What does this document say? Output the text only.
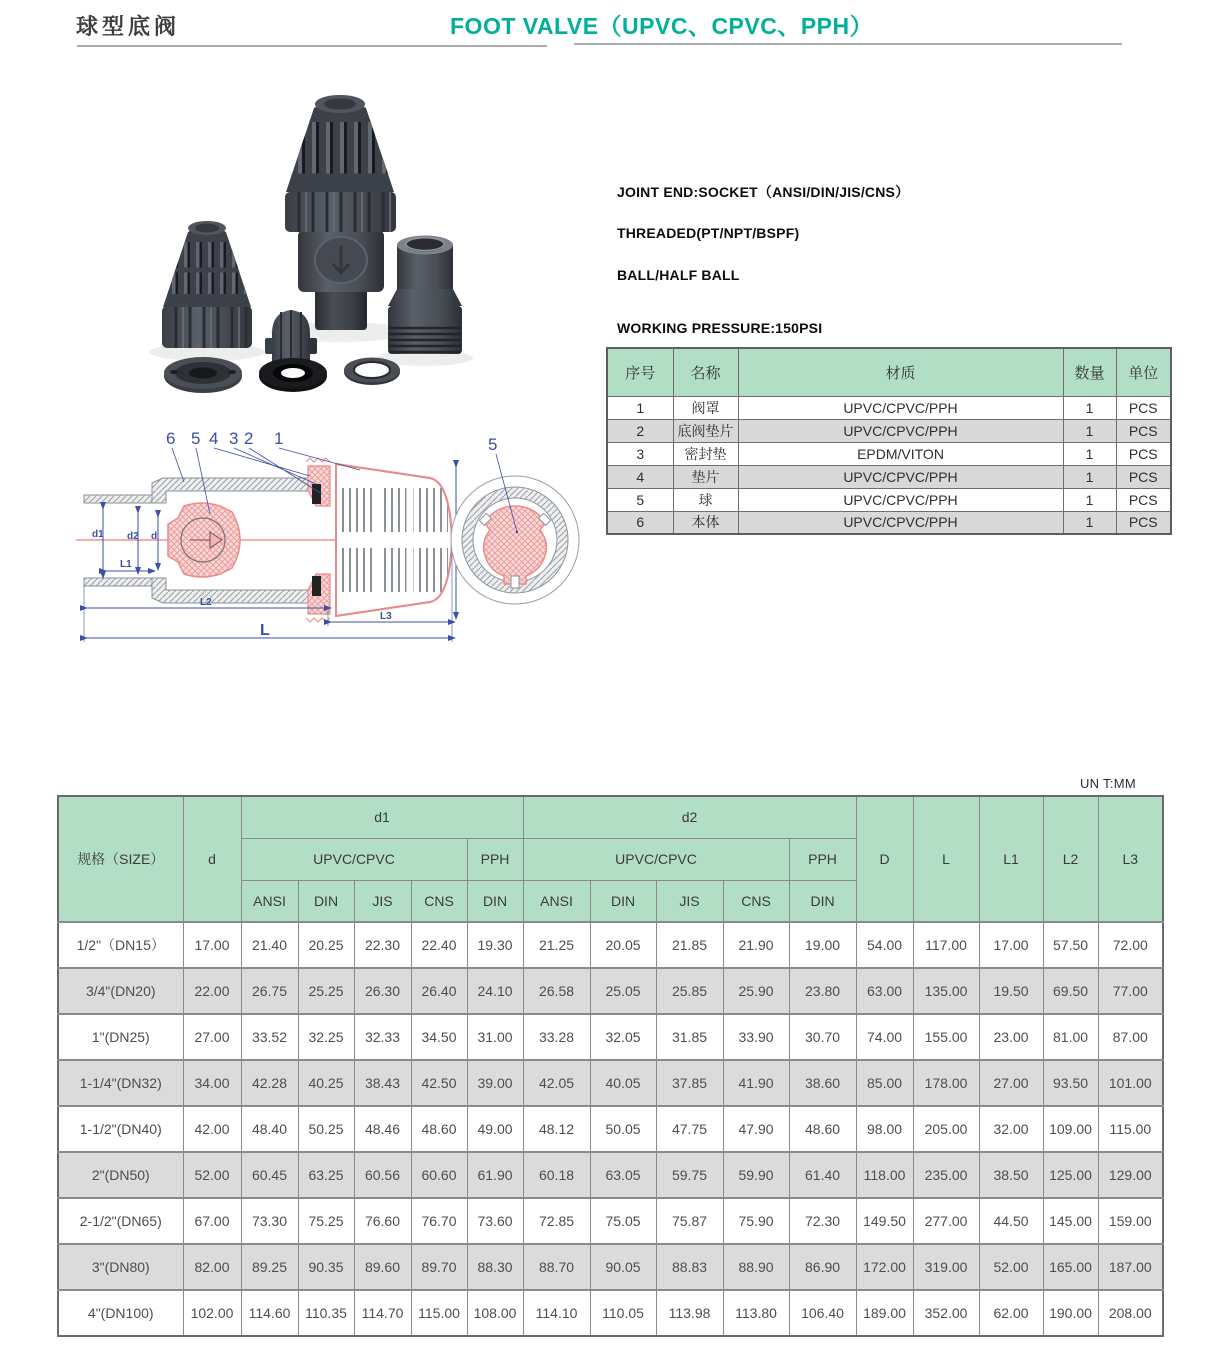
球型底阀	FOOT VALVE（UPVC、CPVC、PPH）
JOINT END:SOCKET（ANSI/DIN/JIS/CNS）
THREADED(PT/NPT/BSPF)
BALL/HALF BALL
WORKING PRESSURE:150PSI
序号	名称	材质	数量	单位
1	阀罩	UPVC/CPVC/PPH	1	PCS
2	底阀垫片	UPVC/CPVC/PPH	1	PCS
3	密封垫	EPDM/VITON	1	PCS
4	垫片	UPVC/CPVC/PPH	1	PCS
5	球	UPVC/CPVC/PPH	1	PCS
6	本体	UPVC/CPVC/PPH	1	PCS
6 5 4 3 2 1
d1 d2 d
L1
L2
L3
L
5
UN T:MM
规格（SIZE）	d	d1					d2					D	L	L1	L2	L3
		UPVC/CPVC				PPH	UPVC/CPVC				PPH					
		ANSI	DIN	JIS	CNS	DIN	ANSI	DIN	JIS	CNS	DIN					
1/2"（DN15）	17.00	21.40	20.25	22.30	22.40	19.30	21.25	20.05	21.85	21.90	19.00	54.00	117.00	17.00	57.50	72.00
3/4"(DN20)	22.00	26.75	25.25	26.30	26.40	24.10	26.58	25.05	25.85	25.90	23.80	63.00	135.00	19.50	69.50	77.00
1"(DN25)	27.00	33.52	32.25	32.33	34.50	31.00	33.28	32.05	31.85	33.90	30.70	74.00	155.00	23.00	81.00	87.00
1-1/4"(DN32)	34.00	42.28	40.25	38.43	42.50	39.00	42.05	40.05	37.85	41.90	38.60	85.00	178.00	27.00	93.50	101.00
1-1/2"(DN40)	42.00	48.40	50.25	48.46	48.60	49.00	48.12	50.05	47.75	47.90	48.60	98.00	205.00	32.00	109.00	115.00
2"(DN50)	52.00	60.45	63.25	60.56	60.60	61.90	60.18	63.05	59.75	59.90	61.40	118.00	235.00	38.50	125.00	129.00
2-1/2"(DN65)	67.00	73.30	75.25	76.60	76.70	73.60	72.85	75.05	75.87	75.90	72.30	149.50	277.00	44.50	145.00	159.00
3"(DN80)	82.00	89.25	90.35	89.60	89.70	88.30	88.70	90.05	88.83	88.90	86.90	172.00	319.00	52.00	165.00	187.00
4"(DN100)	102.00	114.60	110.35	114.70	115.00	108.00	114.10	110.05	113.98	113.80	106.40	189.00	352.00	62.00	190.00	208.00
